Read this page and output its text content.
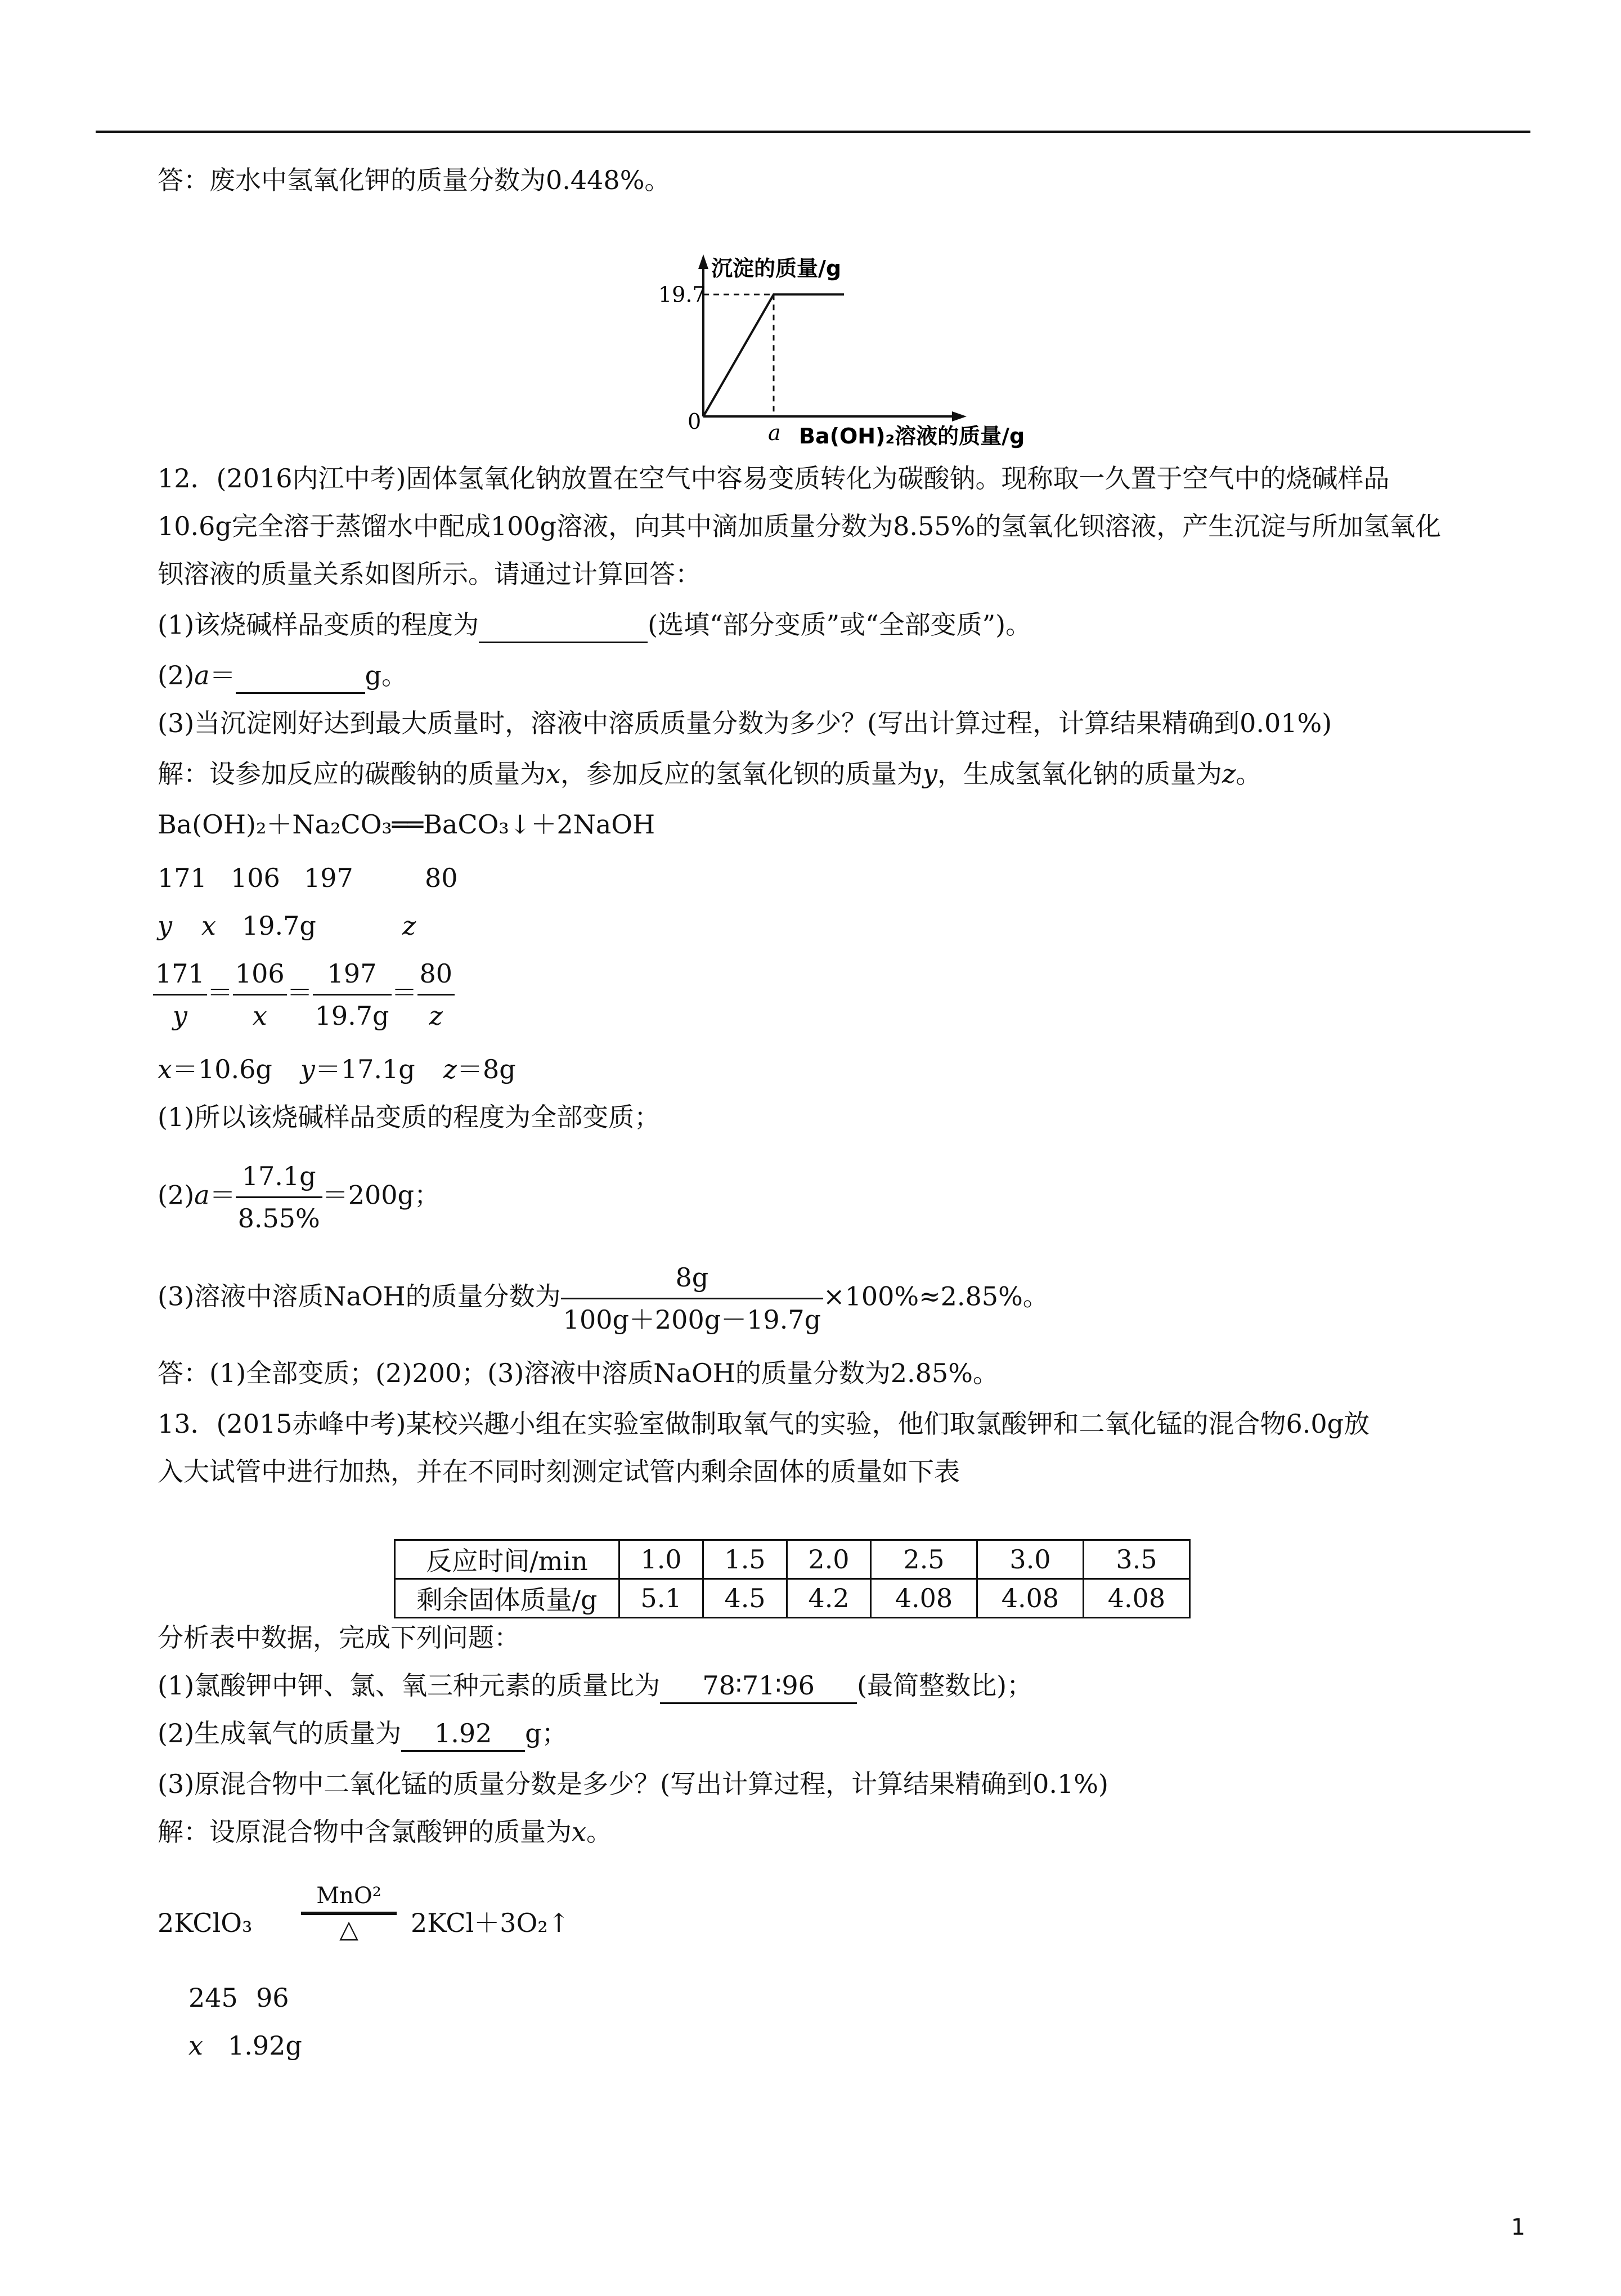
答：废水中氢氧化钾的质量分数为0.448%。
沉淀的质量/g
19.7
0	a Ba(OH)₂溶液的质量/g
12．(2016内江中考)固体氢氧化钠放置在空气中容易变质转化为碳酸钠。现称取一久置于空气中的烧碱样品
10.6g完全溶于蒸馏水中配成100g溶液，向其中滴加质量分数为8.55%的氢氧化钡溶液，产生沉淀与所加氢氧化
钡溶液的质量关系如图所示。请通过计算回答：
(1)该烧碱样品变质的程度为	(选填“部分变质”或“全部变质”)。
(2)a＝	g。
(3)当沉淀刚好达到最大质量时，溶液中溶质质量分数为多少？(写出计算过程，计算结果精确到0.01%)
解：设参加反应的碳酸钠的质量为x，参加反应的氢氧化钡的质量为y，生成氢氧化钠的质量为z。
Ba(OH)₂＋Na₂CO₃══BaCO₃↓＋2NaOH
171 106 197	80
y x 19.7g	z
$\frac{171}{y} = \frac{106}{x} = \frac{197}{19.7g} = \frac{80}{z}$
x＝10.6g y＝17.1g z＝8g
(1)所以该烧碱样品变质的程度为全部变质；
$(2)a= \frac{17.1g}{8.55\%} =200g$；
(3)溶液中溶质NaOH的质量分数为 $\frac{8g}{100g+200g-19.7g} \times 100\%\approx 2.85\%$。
答：(1)全部变质；(2)200；(3)溶液中溶质NaOH的质量分数为2.85%。
13．(2015赤峰中考)某校兴趣小组在实验室做制取氧气的实验，他们取氯酸钾和二氧化锰的混合物6.0g放
入大试管中进行加热，并在不同时刻测定试管内剩余固体的质量如下表
反应时间/min	1.0	1.5	2.0	2.5	3.0	3.5
剩余固体质量/g	5.1	4.5	4.2	4.08	4.08	4.08
分析表中数据，完成下列问题：
(1)氯酸钾中钾、氯、氧三种元素的质量比为 78∶71∶96 (最简整数比)；
(2)生成氧气的质量为 1.92 g；
(3)原混合物中二氧化锰的质量分数是多少？(写出计算过程，计算结果精确到0.1%)
解：设原混合物中含氯酸钾的质量为x。
2KClO₃
MnO²
△	2KCl＋3O₂↑
245 96
x 1.92g
1
